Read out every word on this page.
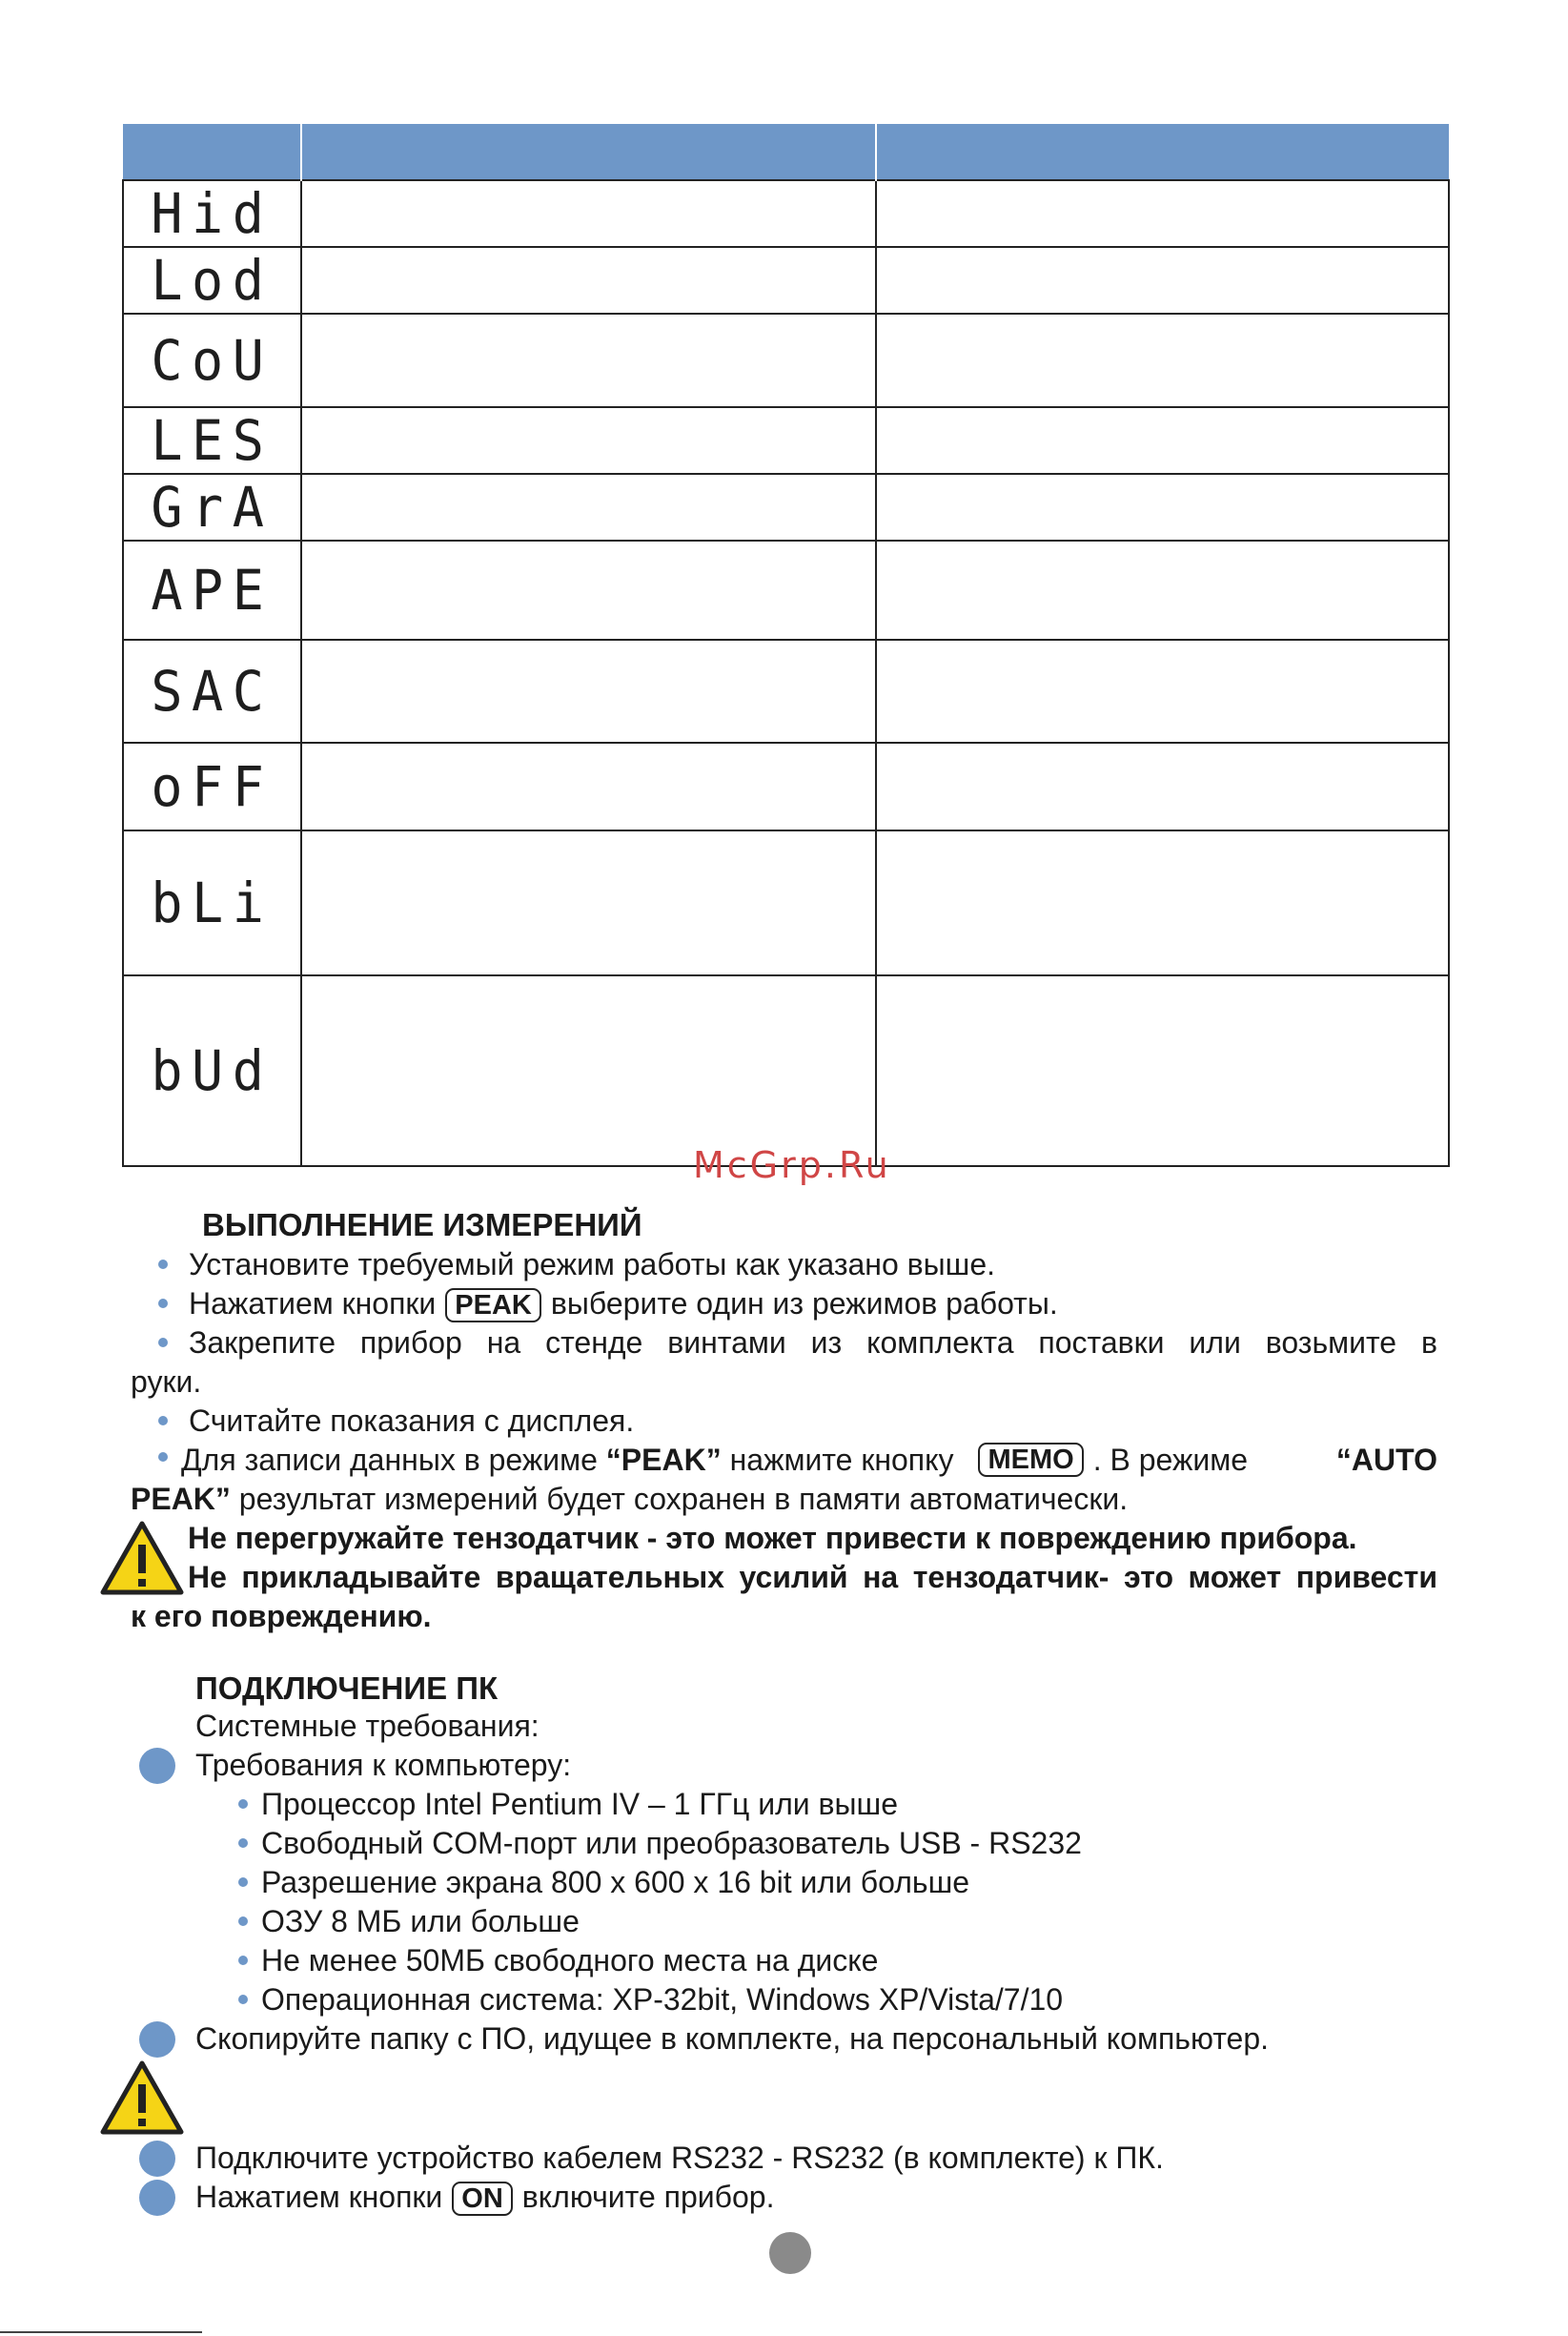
Hid		
Lod		
CoU		
LES		
GrA		
APE		
SAC		
oFF		
bLi		
bUd		
McGrp.Ru
ВЫПОЛНЕНИЕ ИЗМЕРЕНИЙ
Установите требуемый режим работы как указано выше.
Нажатием кнопки PEAK выберите один из режимов работы.
Закрепите прибор на стенде винтами из комплекта поставки или возьмите в
руки.
Считайте показания с дисплея.
Для записи данных в режиме
“PEAK”
нажмите кнопку	MEMO . В режиме	“AUTO
PEAK” результат измерений будет сохранен в памяти автоматически.
Не перегружайте тензодатчик - это может привести к повреждению прибора.
Не прикладывайте вращательных усилий на тензодатчик- это может привести
к его повреждению.
ПОДКЛЮЧЕНИЕ ПК
Системные требования:
Требования к компьютеру:
Процессор Intel Pentium IV – 1 ГГц или выше
Свободный COM-порт или преобразователь USB - RS232
Разрешение экрана 800 x 600 x 16 bit или больше
ОЗУ 8 МБ или больше
Не менее 50МБ свободного места на диске
Операционная система: XP-32bit, Windows XP/Vista/7/10
Скопируйте папку с ПО, идущее в комплекте, на персональный компьютер.
Подключите устройство кабелем RS232 - RS232 (в комплекте) к ПК.
Нажатием кнопки ON включите прибор.
